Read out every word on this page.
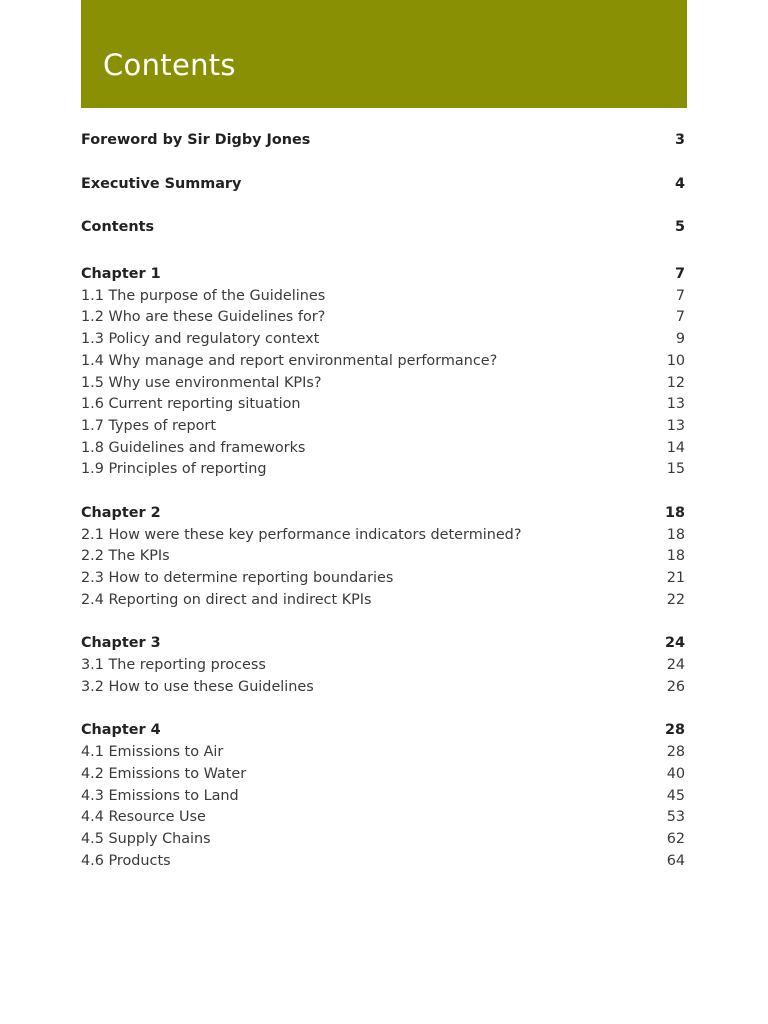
Contents
Foreword by Sir Digby Jones	3
Executive Summary	4
Contents	5
Chapter 1	7
1.1 The purpose of the Guidelines	7
1.2 Who are these Guidelines for?	7
1.3 Policy and regulatory context	9
1.4 Why manage and report environmental performance?	10
1.5 Why use environmental KPIs?	12
1.6 Current reporting situation	13
1.7 Types of report	13
1.8 Guidelines and frameworks	14
1.9 Principles of reporting	15
Chapter 2	18
2.1 How were these key performance indicators determined?	18
2.2 The KPIs	18
2.3 How to determine reporting boundaries	21
2.4 Reporting on direct and indirect KPIs	22
Chapter 3	24
3.1 The reporting process	24
3.2 How to use these Guidelines	26
Chapter 4	28
4.1 Emissions to Air	28
4.2 Emissions to Water	40
4.3 Emissions to Land	45
4.4 Resource Use	53
4.5 Supply Chains	62
4.6 Products	64
